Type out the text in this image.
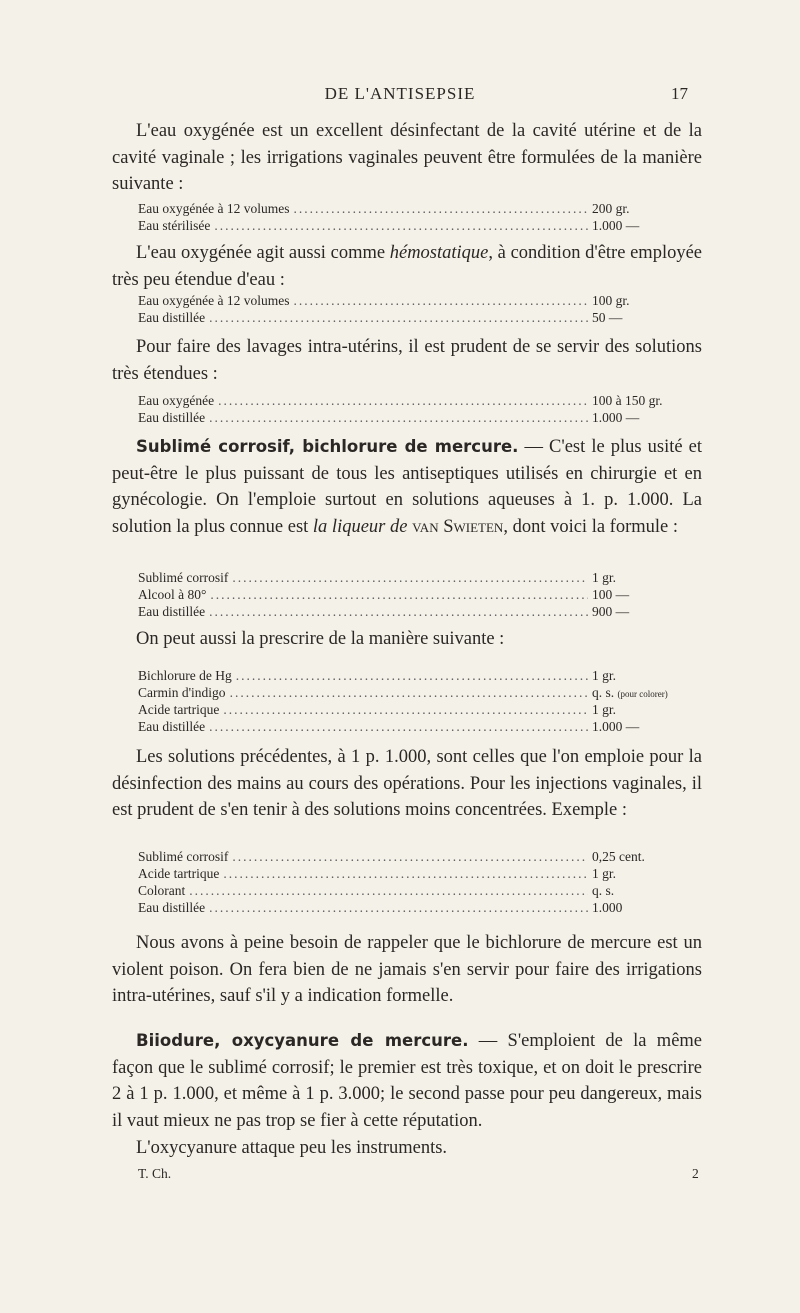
DE L'ANTISEPSIE	17

L'eau oxygénée est un excellent désinfectant de la cavité utérine et de la cavité vaginale ; les irrigations vaginales peuvent être formulées de la manière suivante :

Eau oxygénée à 12 volumes .....	200 gr.
Eau stérilisée .....	1.000 —

L'eau oxygénée agit aussi comme hémostatique, à condition d'être employée très peu étendue d'eau :

Eau oxygénée à 12 volumes .....	100 gr.
Eau distillée .....	50 —

Pour faire des lavages intra-utérins, il est prudent de se servir des solutions très étendues :

Eau oxygénée .....	100 à 150 gr.
Eau distillée .....	1.000 —

Sublimé corrosif, bichlorure de mercure. — C'est le plus usité et peut-être le plus puissant de tous les antiseptiques utilisés en chirurgie et en gynécologie. On l'emploie surtout en solutions aqueuses à 1. p. 1.000. La solution la plus connue est la liqueur de van Swieten, dont voici la formule :

Sublimé corrosif .....	1 gr.
Alcool à 80° .....	100 —
Eau distillée .....	900 —

On peut aussi la prescrire de la manière suivante :

Bichlorure de Hg .....	1 gr.
Carmin d'indigo .....	q. s. (pour colorer)
Acide tartrique .....	1 gr.
Eau distillée .....	1.000 —

Les solutions précédentes, à 1 p. 1.000, sont celles que l'on emploie pour la désinfection des mains au cours des opérations. Pour les injections vaginales, il est prudent de s'en tenir à des solutions moins concentrées. Exemple :

Sublimé corrosif .....	0,25 cent.
Acide tartrique .....	1 gr.
Colorant .....	q. s.
Eau distillée .....	1.000

Nous avons à peine besoin de rappeler que le bichlorure de mercure est un violent poison. On fera bien de ne jamais s'en servir pour faire des irrigations intra-utérines, sauf s'il y a indication formelle.

Biiodure, oxycyanure de mercure. — S'emploient de la même façon que le sublimé corrosif; le premier est très toxique, et on doit le prescrire 2 à 1 p. 1.000, et même à 1 p. 3.000; le second passe pour peu dangereux, mais il vaut mieux ne pas trop se fier à cette réputation.

L'oxycyanure attaque peu les instruments.

T. Ch.	2
